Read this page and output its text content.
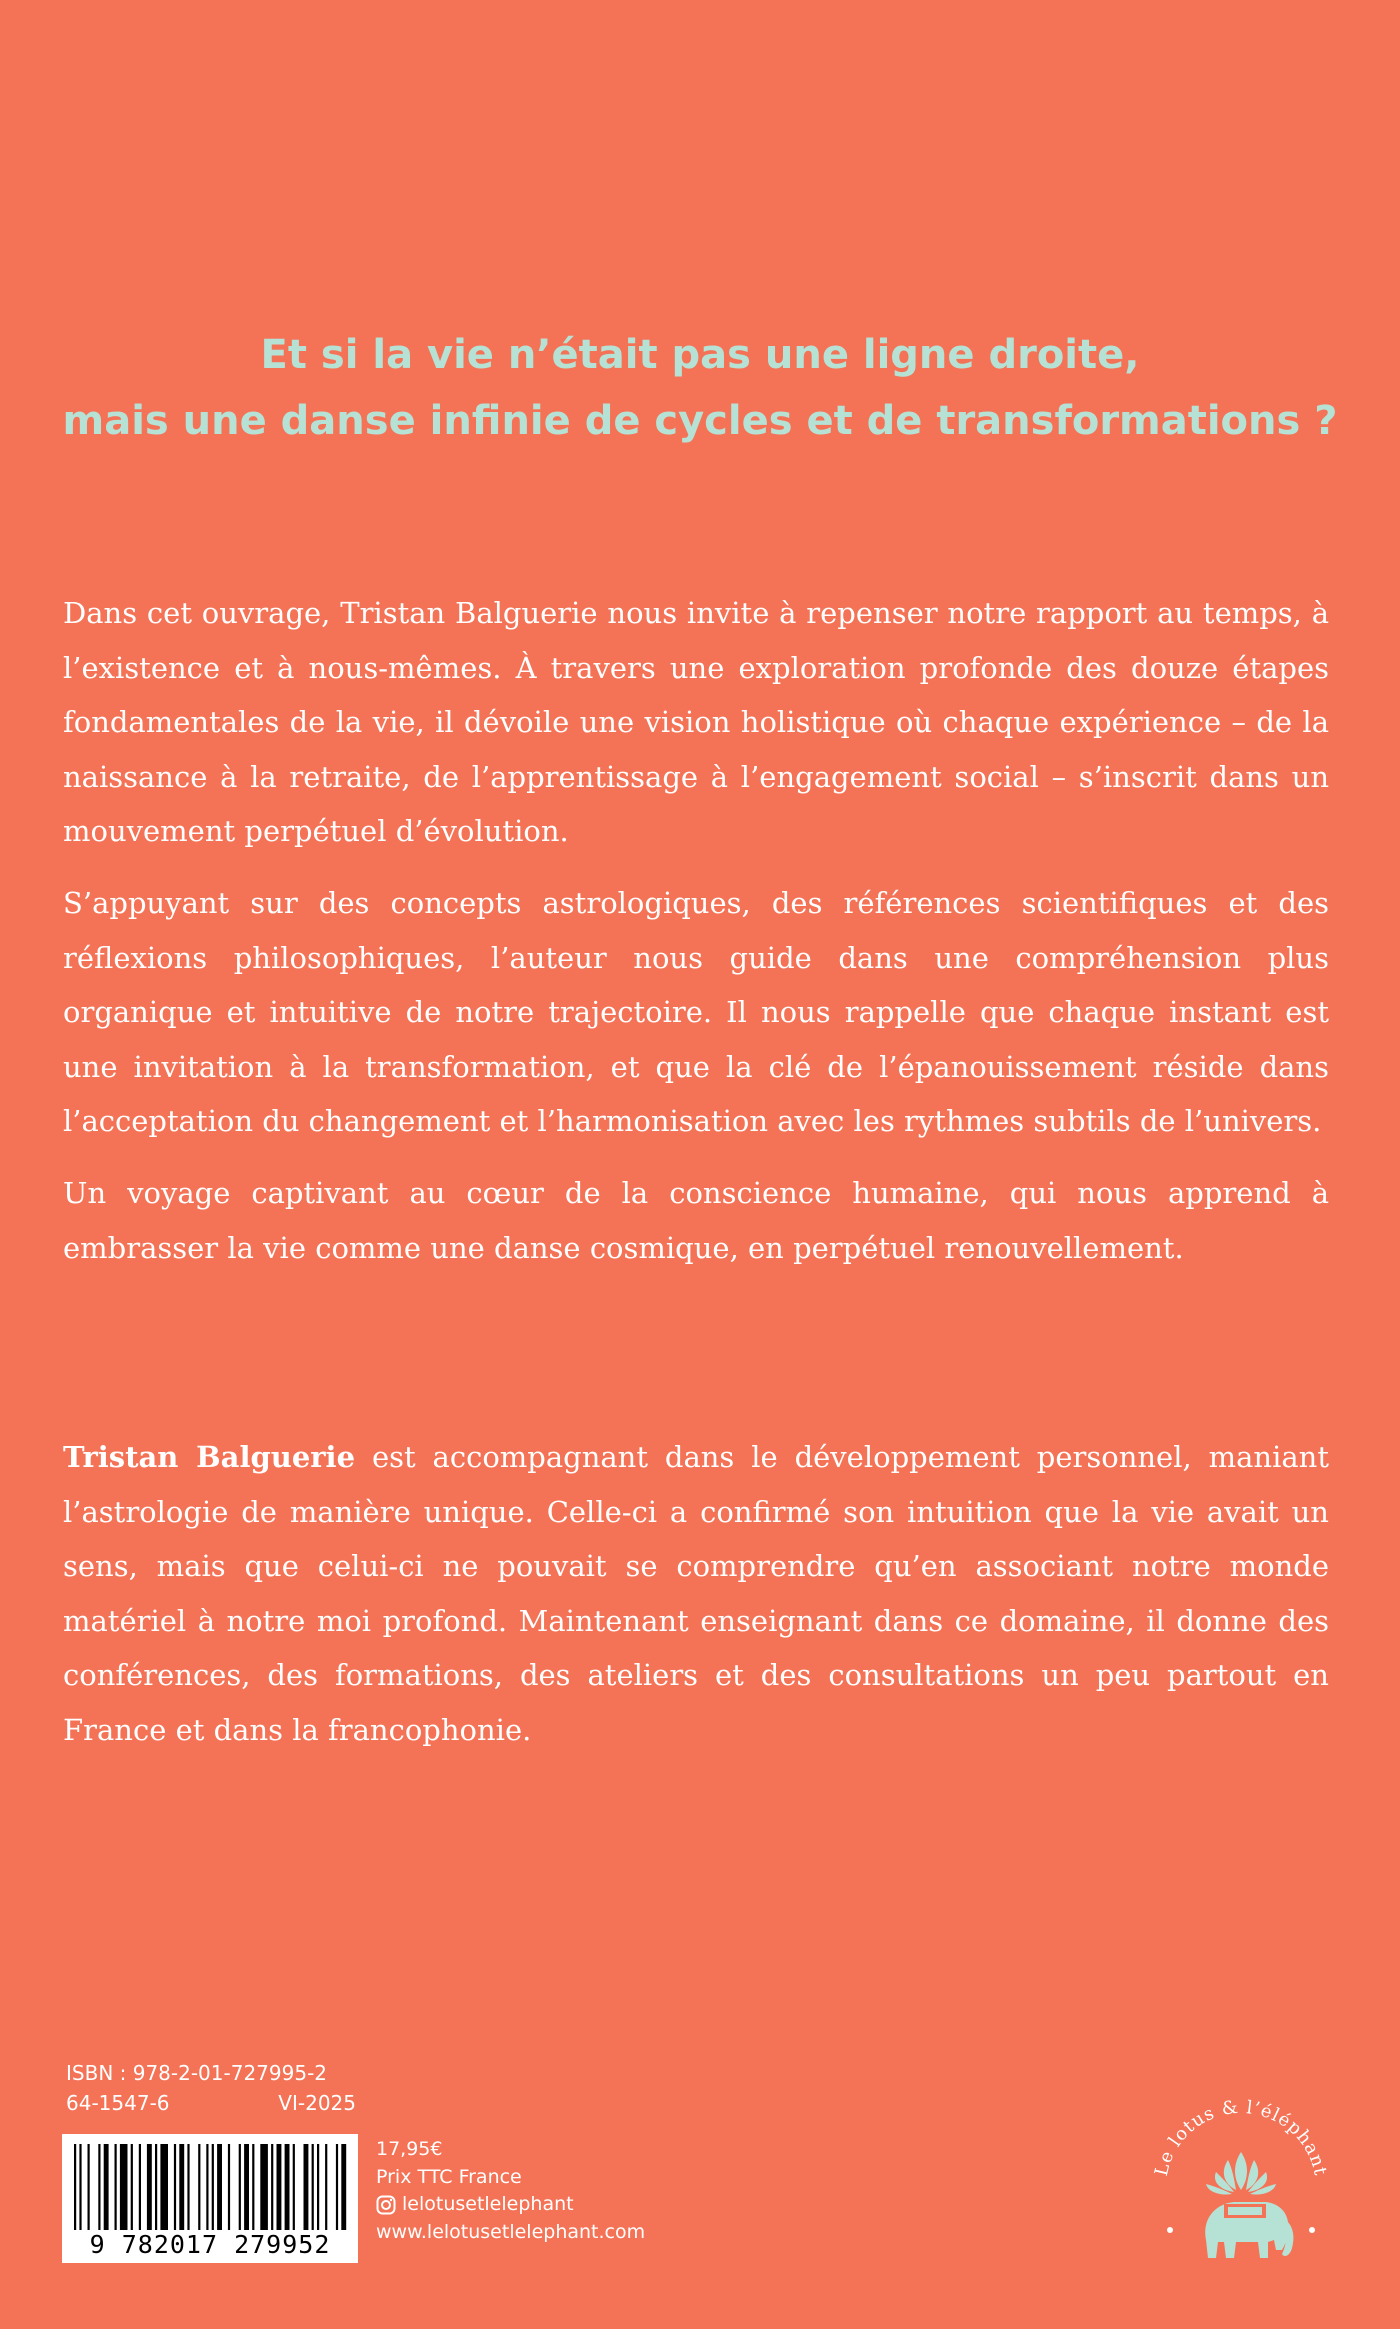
Et si la vie n’était pas une ligne droite,
mais une danse infinie de cycles et de transformations ?

Dans cet ouvrage, Tristan Balguerie nous invite à repenser notre rapport au temps, à l’existence et à nous-mêmes. À travers une exploration profonde des douze étapes fondamentales de la vie, il dévoile une vision holistique où chaque expérience – de la naissance à la retraite, de l’apprentissage à l’engagement social – s’inscrit dans un mouvement perpétuel d’évolution.

S’appuyant sur des concepts astrologiques, des références scientifiques et des réflexions philosophiques, l’auteur nous guide dans une compréhension plus organique et intuitive de notre trajectoire. Il nous rappelle que chaque instant est une invitation à la transformation, et que la clé de l’épanouissement réside dans l’acceptation du changement et l’harmonisation avec les rythmes subtils de l’univers.

Un voyage captivant au cœur de la conscience humaine, qui nous apprend à embrasser la vie comme une danse cosmique, en perpétuel renouvellement.

Tristan Balguerie est accompagnant dans le développement personnel, maniant l’astrologie de manière unique. Celle-ci a confirmé son intuition que la vie avait un sens, mais que celui-ci ne pouvait se comprendre qu’en associant notre monde matériel à notre moi profond. Maintenant enseignant dans ce domaine, il donne des conférences, des formations, des ateliers et des consultations un peu partout en France et dans la francophonie.

ISBN : 978-2-01-727995-2
64-1547-6	VI-2025
9 782017 279952
17,95€
Prix TTC France
lelotusetlelephant
www.lelotusetlelephant.com
Le lotus & l’éléphant
